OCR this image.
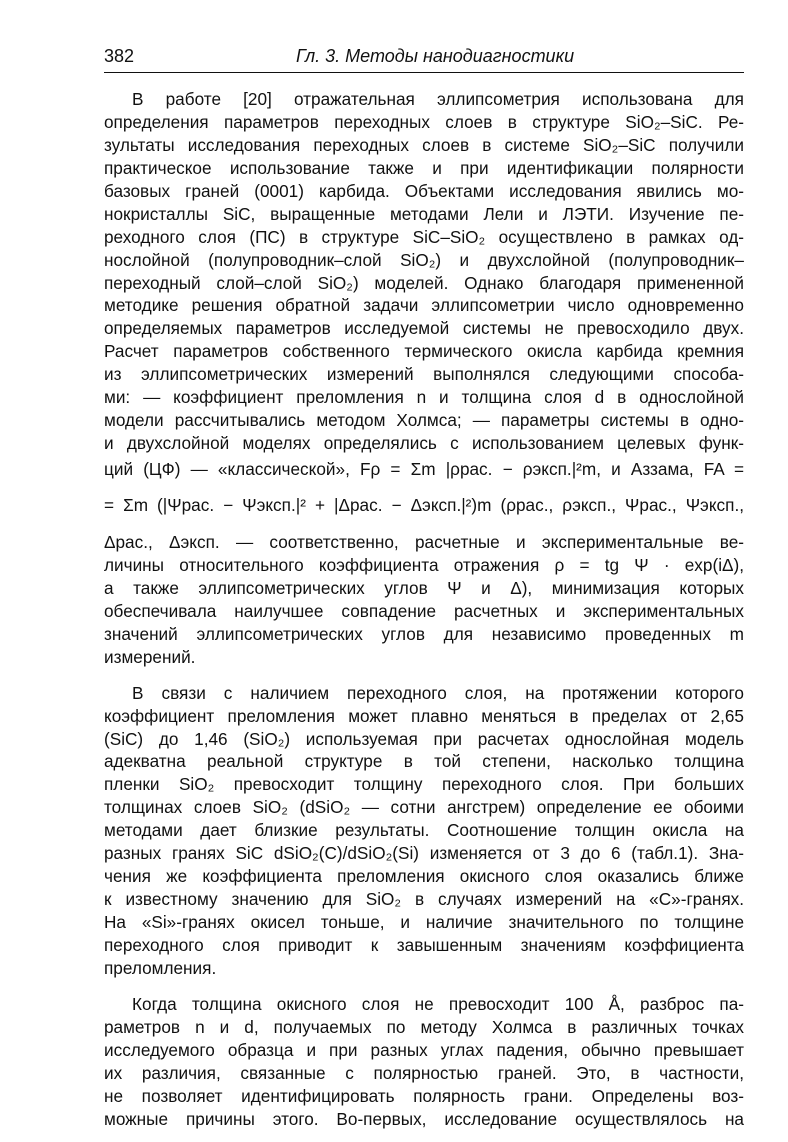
382	Гл. 3. Методы нанодиагностики
В работе [20] отражательная эллипсометрия использована для
определения параметров переходных слоев в структуре SiO₂–SiC. Ре-
зультаты исследования переходных слоев в системе SiO₂–SiC получили
практическое использование также и при идентификации полярности
базовых граней (0001) карбида. Объектами исследования явились мо-
нокристаллы SiC, выращенные методами Лели и ЛЭТИ. Изучение пе-
реходного слоя (ПС) в структуре SiC–SiO₂ осуществлено в рамках од-
нослойной (полупроводник–слой SiO₂) и двухслойной (полупроводник–
переходный слой–слой SiO₂) моделей. Однако благодаря примененной
методике решения обратной задачи эллипсометрии число одновременно
определяемых параметров исследуемой системы не превосходило двух.
Расчет параметров собственного термического окисла карбида кремния
из эллипсометрических измерений выполнялся следующими способа-
ми: — коэффициент преломления n и толщина слоя d в однослойной
модели рассчитывались методом Холмса; — параметры системы в одно-
и двухслойной моделях определялись с использованием целевых функ-
ций (ЦФ) — «классической», Fρ = Σm |ρрас. − ρэксп.|²m, и Аззама, FA =
= Σm (|Ψрас. − Ψэксп.|² + |Δрас. − Δэксп.|²)m (ρрас., ρэксп., Ψрас., Ψэксп.,
Δрас., Δэксп. — соответственно, расчетные и экспериментальные ве-
личины относительного коэффициента отражения ρ = tg Ψ · exp(iΔ),
а также эллипсометрических углов Ψ и Δ), минимизация которых
обеспечивала наилучшее совпадение расчетных и экспериментальных
значений эллипсометрических углов для независимо проведенных m
измерений.
В связи с наличием переходного слоя, на протяжении которого
коэффициент преломления может плавно меняться в пределах от 2,65
(SiC) до 1,46 (SiO₂) используемая при расчетах однослойная модель
адекватна реальной структуре в той степени, насколько толщина
пленки SiO₂ превосходит толщину переходного слоя. При больших
толщинах слоев SiO₂ (dSiO₂ — сотни ангстрем) определение ее обоими
методами дает близкие результаты. Соотношение толщин окисла на
разных гранях SiC dSiO₂(C)/dSiO₂(Si) изменяется от 3 до 6 (табл.1). Зна-
чения же коэффициента преломления окисного слоя оказались ближе
к известному значению для SiO₂ в случаях измерений на «C»-гранях.
На «Si»-гранях окисел тоньше, и наличие значительного по толщине
переходного слоя приводит к завышенным значениям коэффициента
преломления.
Когда толщина окисного слоя не превосходит 100 Å, разброс па-
раметров n и d, получаемых по методу Холмса в различных точках
исследуемого образца и при разных углах падения, обычно превышает
их различия, связанные с полярностью граней. Это, в частности,
не позволяет идентифицировать полярность грани. Определены воз-
можные причины этого. Во-первых, исследование осуществлялось на
